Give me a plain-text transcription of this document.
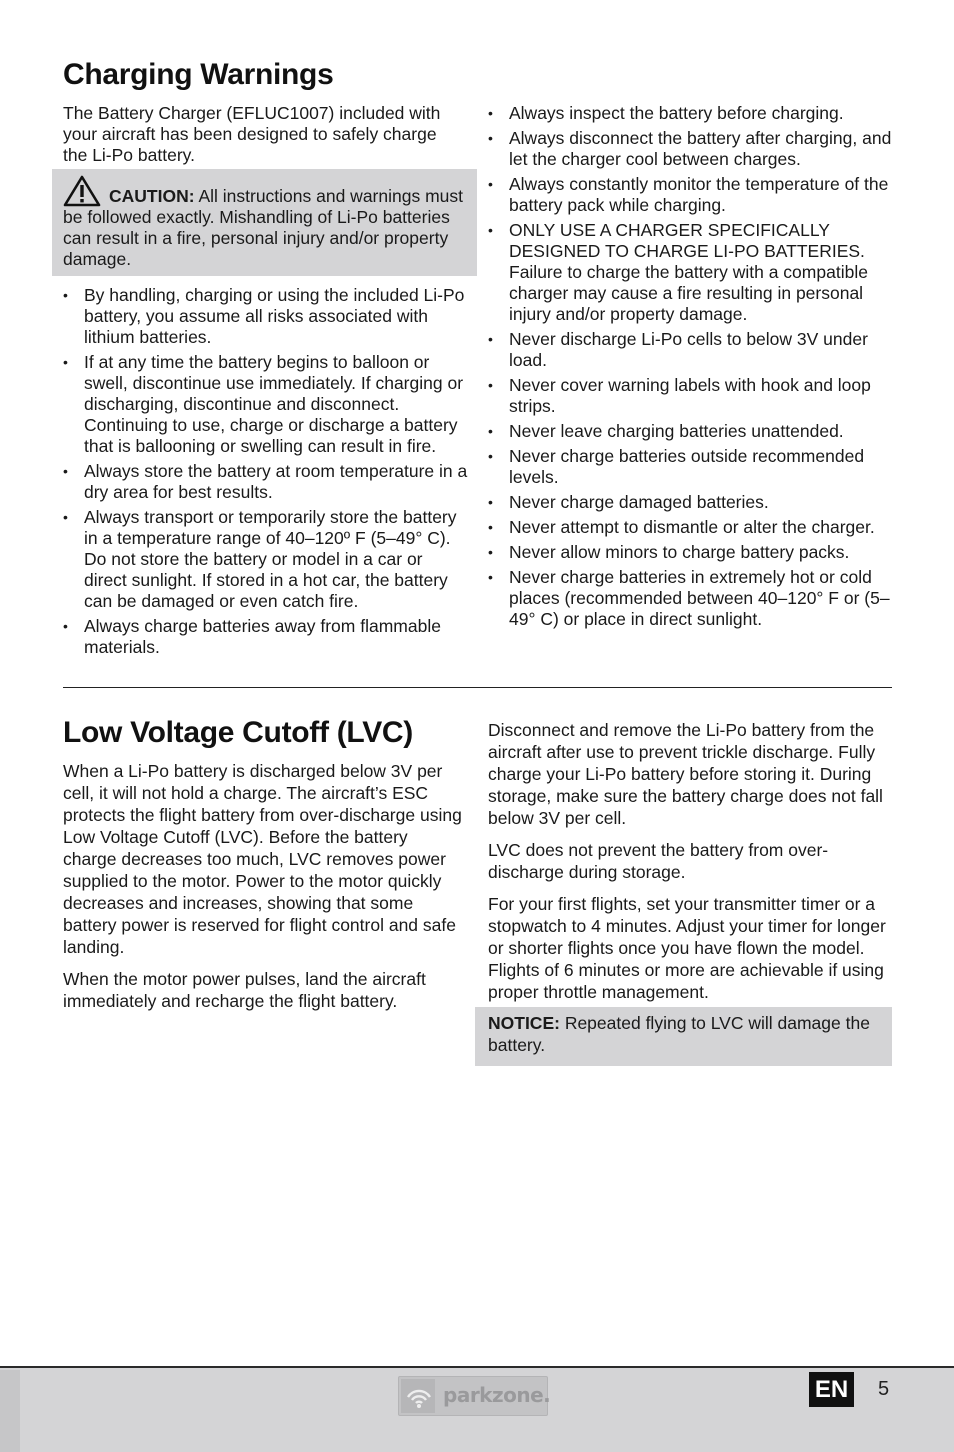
Charging Warnings

The Battery Charger (EFLUC1007) included with your aircraft has been designed to safely charge the Li-Po battery.

CAUTION: All instructions and warnings must be followed exactly. Mishandling of Li-Po batteries can result in a fire, personal injury and/or property damage.

• By handling, charging or using the included Li-Po battery, you assume all risks associated with lithium batteries.
• If at any time the battery begins to balloon or swell, discontinue use immediately. If charging or discharging, discontinue and disconnect. Continuing to use, charge or discharge a battery that is ballooning or swelling can result in fire.
• Always store the battery at room temperature in a dry area for best results.
• Always transport or temporarily store the battery in a temperature range of 40–120º F (5–49° C). Do not store the battery or model in a car or direct sunlight. If stored in a hot car, the battery can be damaged or even catch fire.
• Always charge batteries away from flammable materials.
• Always inspect the battery before charging.
• Always disconnect the battery after charging, and let the charger cool between charges.
• Always constantly monitor the temperature of the battery pack while charging.
• ONLY USE A CHARGER SPECIFICALLY DESIGNED TO CHARGE LI-PO BATTERIES. Failure to charge the battery with a compatible charger may cause a fire resulting in personal injury and/or property damage.
• Never discharge Li-Po cells to below 3V under load.
• Never cover warning labels with hook and loop strips.
• Never leave charging batteries unattended.
• Never charge batteries outside recommended levels.
• Never charge damaged batteries.
• Never attempt to dismantle or alter the charger.
• Never allow minors to charge battery packs.
• Never charge batteries in extremely hot or cold places (recommended between 40–120° F or (5–49° C) or place in direct sunlight.
Low Voltage Cutoff (LVC)

When a Li-Po battery is discharged below 3V per cell, it will not hold a charge. The aircraft’s ESC protects the flight battery from over-discharge using Low Voltage Cutoff (LVC). Before the battery charge decreases too much, LVC removes power supplied to the motor. Power to the motor quickly decreases and increases, showing that some battery power is reserved for flight control and safe landing.

When the motor power pulses, land the aircraft immediately and recharge the flight battery.

Disconnect and remove the Li-Po battery from the aircraft after use to prevent trickle discharge. Fully charge your Li-Po battery before storing it. During storage, make sure the battery charge does not fall below 3V per cell.

LVC does not prevent the battery from over-discharge during storage.

For your first flights, set your transmitter timer or a stopwatch to 4 minutes. Adjust your timer for longer or shorter flights once you have flown the model. Flights of 6 minutes or more are achievable if using proper throttle management.

NOTICE: Repeated flying to LVC will damage the battery.

parkzone.	EN 5
